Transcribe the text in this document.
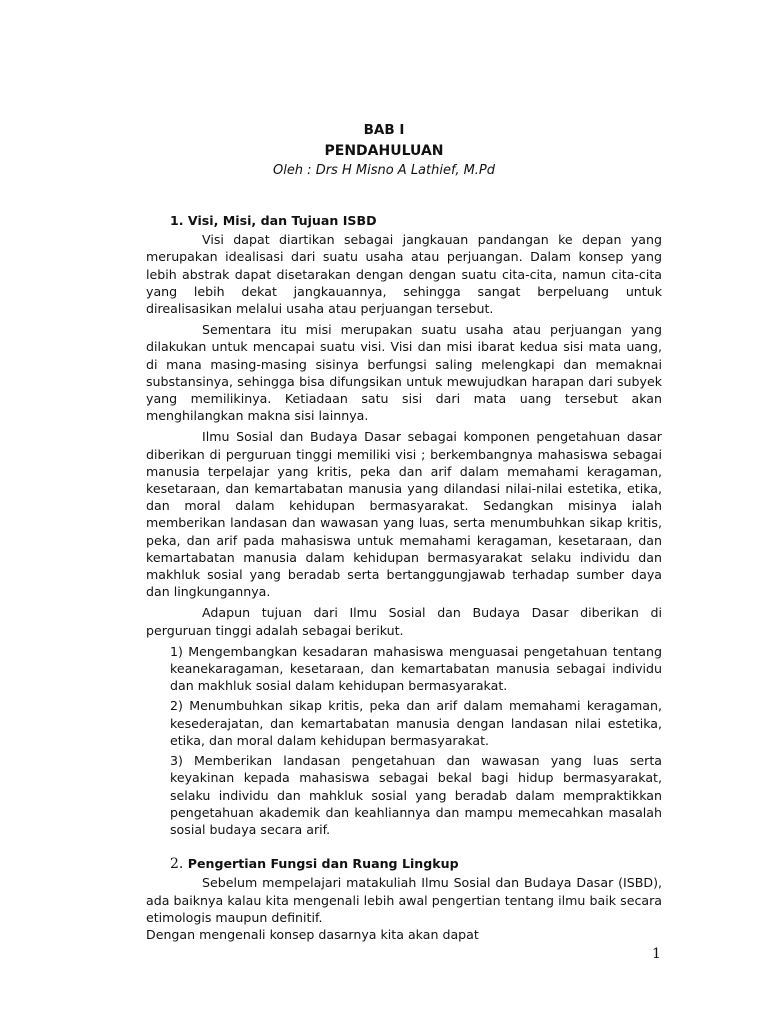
BAB I
PENDAHULUAN
Oleh : Drs H Misno A Lathief, M.Pd
1. Visi, Misi, dan Tujuan ISBD

Visi dapat diartikan sebagai jangkauan pandangan ke depan yang merupakan idealisasi dari suatu usaha atau perjuangan. Dalam konsep yang lebih abstrak dapat disetarakan dengan dengan suatu cita-cita, namun cita-cita yang lebih dekat jangkauannya, sehingga sangat berpeluang untuk direalisasikan melalui usaha atau perjuangan tersebut.

Sementara itu misi merupakan suatu usaha atau perjuangan yang dilakukan untuk mencapai suatu visi. Visi dan misi ibarat kedua sisi mata uang, di mana masing-masing sisinya berfungsi saling melengkapi dan memaknai substansinya, sehingga bisa difungsikan untuk mewujudkan harapan dari subyek yang memilikinya. Ketiadaan satu sisi dari mata uang tersebut akan menghilangkan makna sisi lainnya.

Ilmu Sosial dan Budaya Dasar sebagai komponen pengetahuan dasar diberikan di perguruan tinggi memiliki visi ; berkembangnya mahasiswa sebagai manusia terpelajar yang kritis, peka dan arif dalam memahami keragaman, kesetaraan, dan kemartabatan manusia yang dilandasi nilai-nilai estetika, etika, dan moral dalam kehidupan bermasyarakat. Sedangkan misinya ialah memberikan landasan dan wawasan yang luas, serta menumbuhkan sikap kritis, peka, dan arif pada mahasiswa untuk memahami keragaman, kesetaraan, dan kemartabatan manusia dalam kehidupan bermasyarakat selaku individu dan makhluk sosial yang beradab serta bertanggungjawab terhadap sumber daya dan lingkungannya.

Adapun tujuan dari Ilmu Sosial dan Budaya Dasar diberikan di perguruan tinggi adalah sebagai berikut.

1) Mengembangkan kesadaran mahasiswa menguasai pengetahuan tentang keanekaragaman, kesetaraan, dan kemartabatan manusia sebagai individu dan makhluk sosial dalam kehidupan bermasyarakat.

2) Menumbuhkan sikap kritis, peka dan arif dalam memahami keragaman, kesederajatan, dan kemartabatan manusia dengan landasan nilai estetika, etika, dan moral dalam kehidupan bermasyarakat.

3) Memberikan landasan pengetahuan dan wawasan yang luas serta keyakinan kepada mahasiswa sebagai bekal bagi hidup bermasyarakat, selaku individu dan mahkluk sosial yang beradab dalam mempraktikkan pengetahuan akademik dan keahliannya dan mampu memecahkan masalah sosial budaya secara arif.

2. Pengertian Fungsi dan Ruang Lingkup

Sebelum mempelajari matakuliah Ilmu Sosial dan Budaya Dasar (ISBD), ada baiknya kalau kita mengenali lebih awal pengertian tentang ilmu baik secara etimologis maupun definitif.

Dengan mengenali konsep dasarnya kita akan dapat

1
